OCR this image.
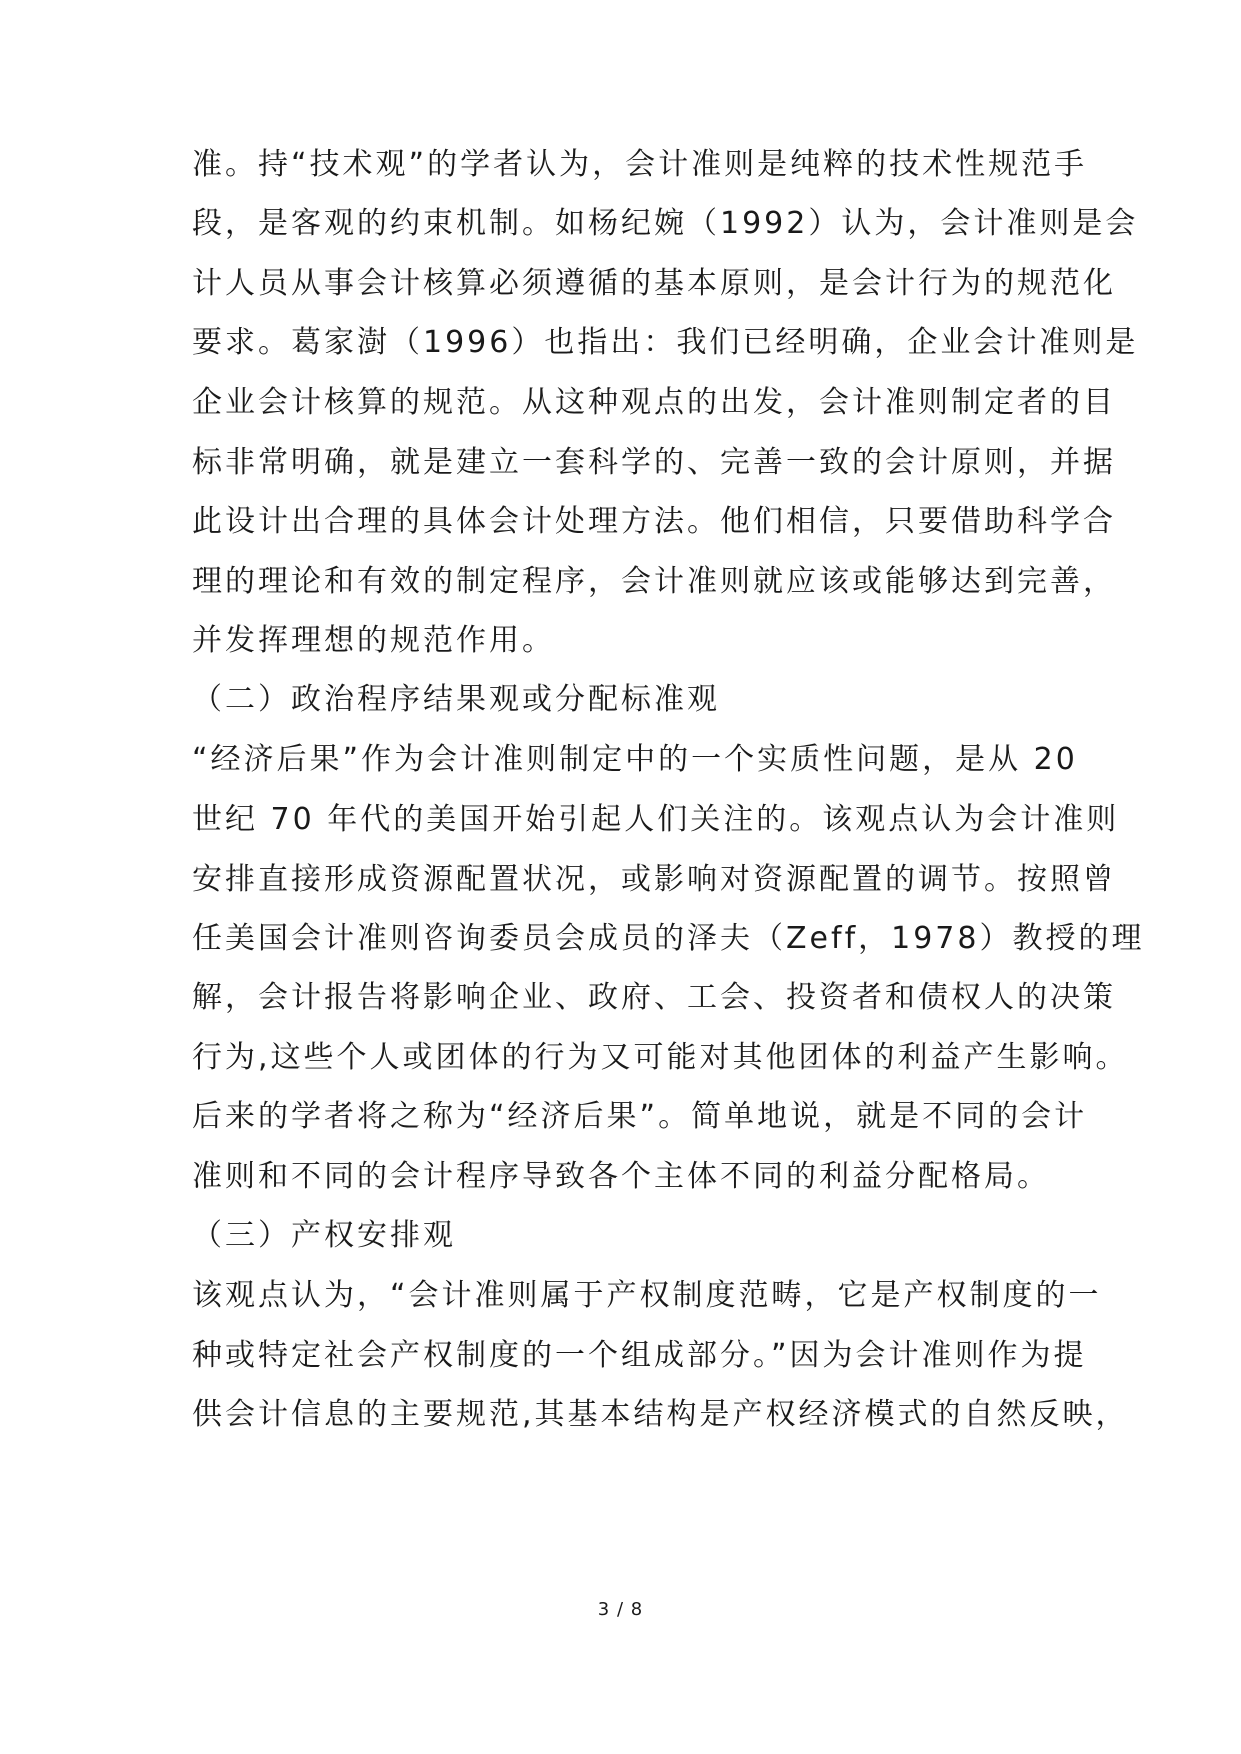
准。持“技术观”的学者认为，会计准则是纯粹的技术性规范手
段，是客观的约束机制。如杨纪婉（1992）认为，会计准则是会
计人员从事会计核算必须遵循的基本原则，是会计行为的规范化
要求。葛家澍（1996）也指出：我们已经明确，企业会计准则是
企业会计核算的规范。从这种观点的出发，会计准则制定者的目
标非常明确，就是建立一套科学的、完善一致的会计原则，并据
此设计出合理的具体会计处理方法。他们相信，只要借助科学合
理的理论和有效的制定程序，会计准则就应该或能够达到完善，
并发挥理想的规范作用。
（二）政治程序结果观或分配标准观
“经济后果”作为会计准则制定中的一个实质性问题，是从 20
世纪 70 年代的美国开始引起人们关注的。该观点认为会计准则
安排直接形成资源配置状况，或影响对资源配置的调节。按照曾
任美国会计准则咨询委员会成员的泽夫（Zeff，1978）教授的理
解，会计报告将影响企业、政府、工会、投资者和债权人的决策
行为,这些个人或团体的行为又可能对其他团体的利益产生影响。
后来的学者将之称为“经济后果”。简单地说，就是不同的会计
准则和不同的会计程序导致各个主体不同的利益分配格局。
（三）产权安排观
该观点认为，“会计准则属于产权制度范畴，它是产权制度的一
种或特定社会产权制度的一个组成部分。”因为会计准则作为提
供会计信息的主要规范,其基本结构是产权经济模式的自然反映，
3 / 8
